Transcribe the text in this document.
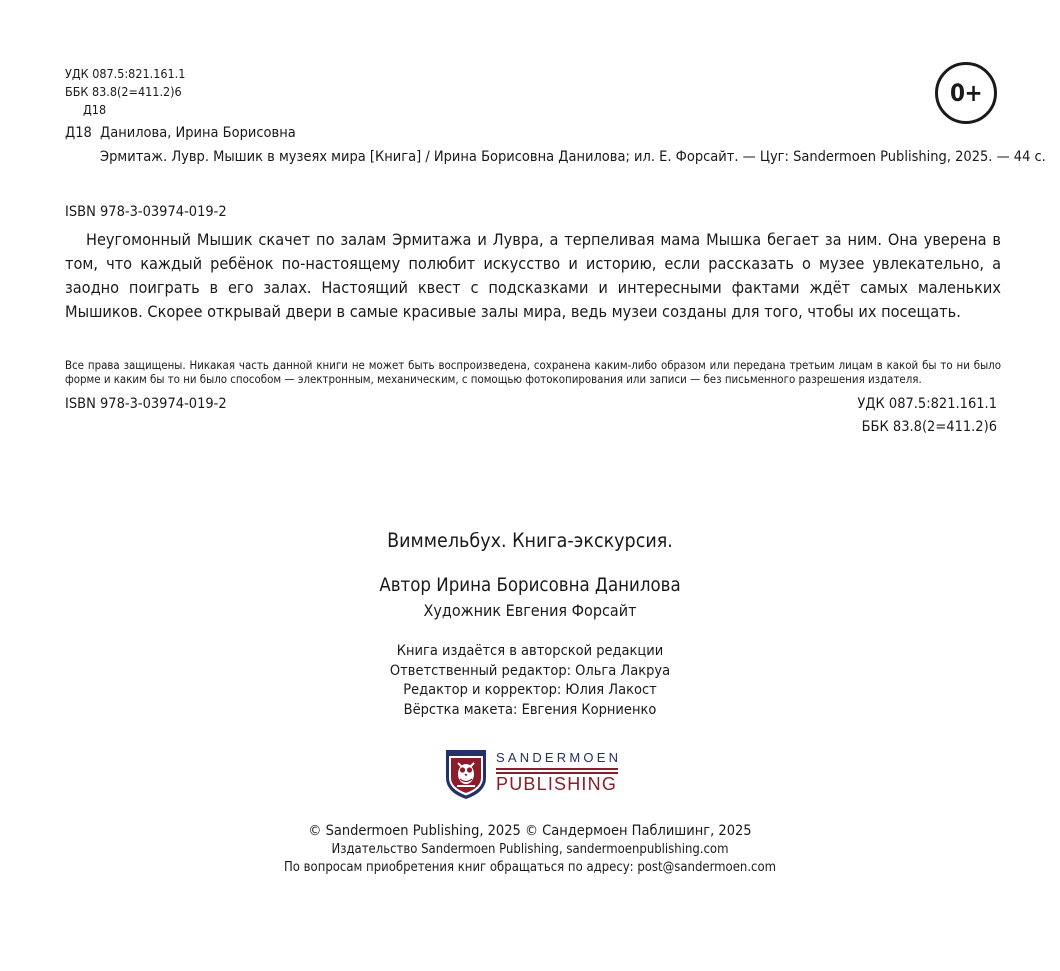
УДК 087.5:821.161.1
ББК 83.8(2=411.2)6
Д18
0+
Д18 Данилова, Ирина Борисовна
Эрмитаж. Лувр. Мышик в музеях мира [Книга] / Ирина Борисовна Данилова; ил. Е. Форсайт. — Цуг: Sandermoen Publishing, 2025. — 44 с.
ISBN 978-3-03974-019-2
Неугомонный Мышик скачет по залам Эрмитажа и Лувра, а терпеливая мама Мышка бегает за ним. Она уверена в том, что каждый ребёнок по-настоящему полюбит искусство и историю, если рассказать о музее увлекательно, а заодно поиграть в его залах. Настоящий квест с подсказками и интересными фактами ждёт самых маленьких Мышиков. Скорее открывай двери в самые красивые залы мира, ведь музеи созданы для того, чтобы их посещать.
Все права защищены. Никакая часть данной книги не может быть воспроизведена, сохранена каким-либо образом или передана третьим лицам в какой бы то ни было форме и каким бы то ни было способом — электронным, механическим, с помощью фотокопирования или записи — без письменного разрешения издателя.
ISBN 978-3-03974-019-2	УДК 087.5:821.161.1
ББК 83.8(2=411.2)6
Виммельбух. Книга-экскурсия.
Автор Ирина Борисовна Данилова
Художник Евгения Форсайт
Книга издаётся в авторской редакции
Ответственный редактор: Ольга Лакруа
Редактор и корректор: Юлия Лакост
Вёрстка макета: Евгения Корниенко
SANDERMOEN
PUBLISHING
© Sandermoen Publishing, 2025 © Сандермоен Паблишинг, 2025
Издательство Sandermoen Publishing, sandermoenpublishing.com
По вопросам приобретения книг обращаться по адресу: post@sandermoen.com
